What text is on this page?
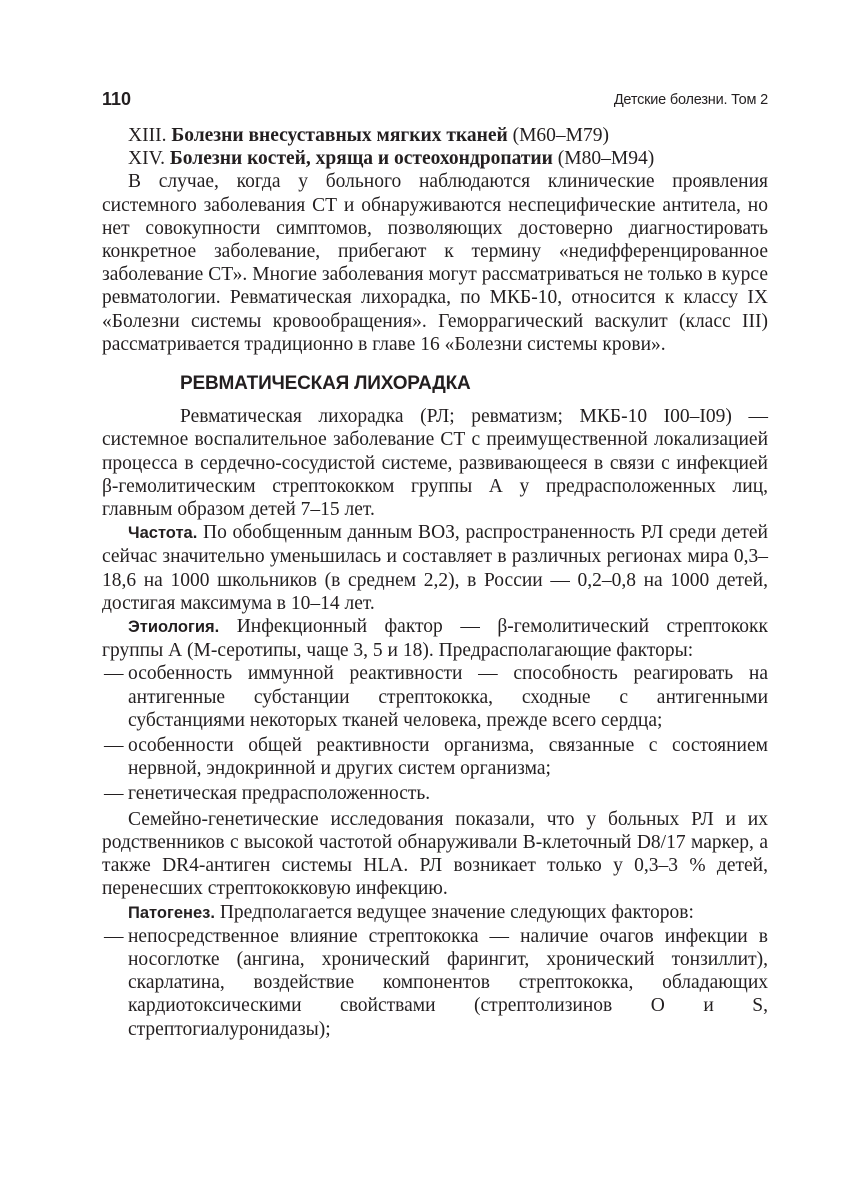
110	Детские болезни. Том 2

XIII. Болезни внесуставных мягких тканей (M60–M79)

XIV. Болезни костей, хряща и остеохондропатии (M80–M94)

В случае, когда у больного наблюдаются клинические проявления системного заболевания СТ и обнаруживаются неспецифические антитела, но нет совокупности симптомов, позволяющих достоверно диагностировать конкретное заболевание, прибегают к термину «недифференцированное заболевание СТ». Многие заболевания могут рассматриваться не только в курсе ревматологии. Ревматическая лихорадка, по МКБ-10, относится к классу IX «Болезни системы кровообращения». Геморрагический васкулит (класс III) рассматривается традиционно в главе 16 «Болезни системы крови».

РЕВМАТИЧЕСКАЯ ЛИХОРАДКА

Ревматическая лихорадка (РЛ; ревматизм; МКБ-10 I00–I09) — системное воспалительное заболевание СТ с преимущественной локализацией процесса в сердечно-сосудистой системе, развивающееся в связи с инфекцией β-гемолитическим стрептококком группы А у предрасположенных лиц, главным образом детей 7–15 лет.

Частота. По обобщенным данным ВОЗ, распространенность РЛ среди детей сейчас значительно уменьшилась и составляет в различных регионах мира 0,3–18,6 на 1000 школьников (в среднем 2,2), в России — 0,2–0,8 на 1000 детей, достигая максимума в 10–14 лет.

Этиология. Инфекционный фактор — β-гемолитический стрептококк группы А (М-серотипы, чаще 3, 5 и 18). Предрасполагающие факторы:

— особенность иммунной реактивности — способность реагировать на антигенные субстанции стрептококка, сходные с антигенными субстанциями некоторых тканей человека, прежде всего сердца;
— особенности общей реактивности организма, связанные с состоянием нервной, эндокринной и других систем организма;
— генетическая предрасположенность.

Семейно-генетические исследования показали, что у больных РЛ и их родственников с высокой частотой обнаруживали В-клеточный D8/17 маркер, а также DR4-антиген системы HLA. РЛ возникает только у 0,3–3 % детей, перенесших стрептококковую инфекцию.

Патогенез. Предполагается ведущее значение следующих факторов:

— непосредственное влияние стрептококка — наличие очагов инфекции в носоглотке (ангина, хронический фарингит, хронический тонзиллит), скарлатина, воздействие компонентов стрептококка, обладающих кардиотоксическими свойствами (стрептолизинов О и S, стрептогиалуронидазы);
